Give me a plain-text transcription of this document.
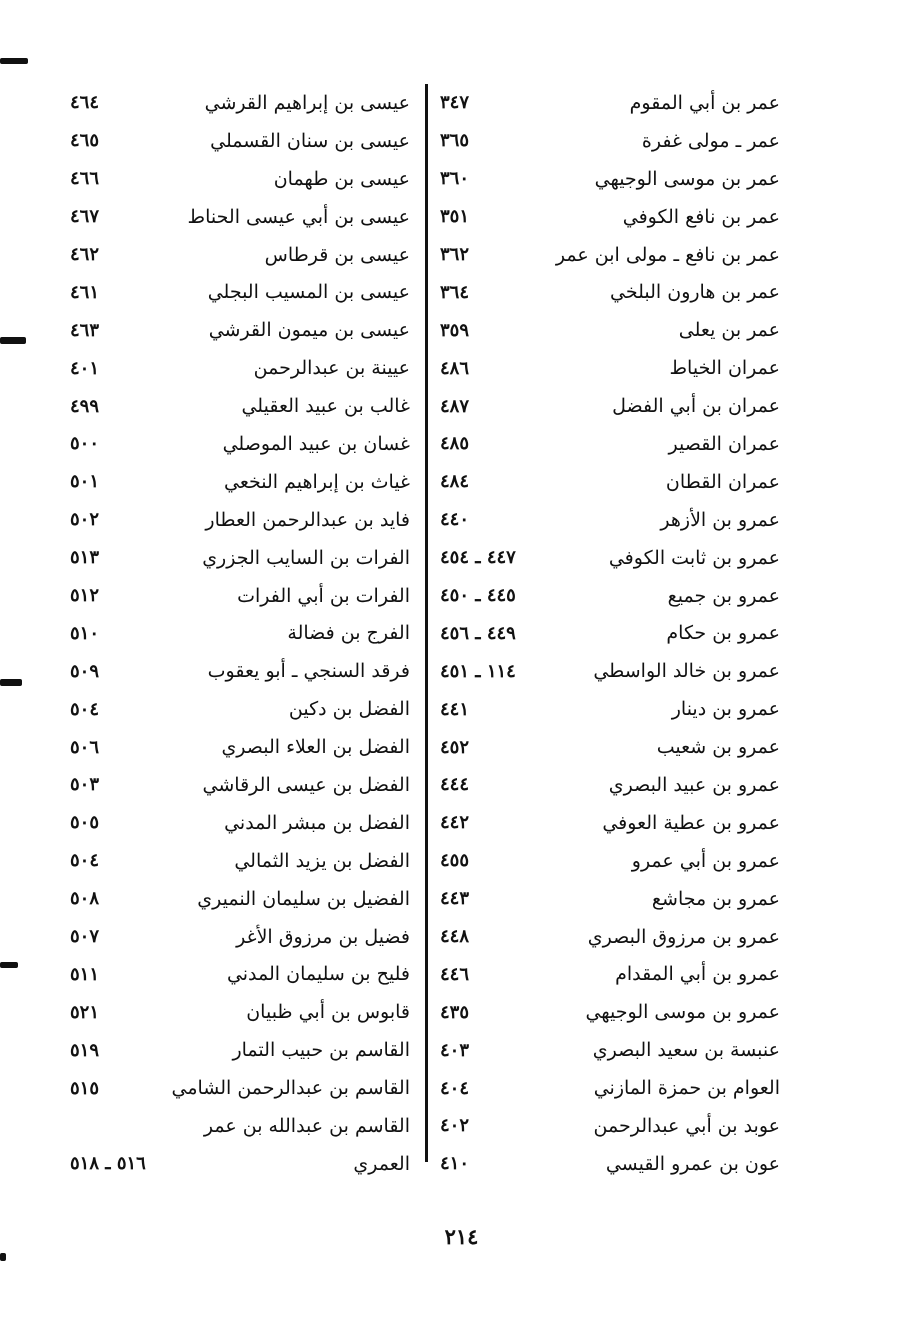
عمر بن أبي المقوم
٣٤٧
عمر ـ مولى غفرة
٣٦٥
عمر بن موسى الوجيهي
٣٦٠
عمر بن نافع الكوفي
٣٥١
عمر بن نافع ـ مولى ابن عمر
٣٦٢
عمر بن هارون البلخي
٣٦٤
عمر بن يعلى
٣٥٩
عمران الخياط
٤٨٦
عمران بن أبي الفضل
٤٨٧
عمران القصير
٤٨٥
عمران القطان
٤٨٤
عمرو بن الأزهر
٤٤٠
عمرو بن ثابت الكوفي
٤٤٧ ـ ٤٥٤
عمرو بن جميع
٤٤٥ ـ ٤٥٠
عمرو بن حكام
٤٤٩ ـ ٤٥٦
عمرو بن خالد الواسطي
١١٤ ـ ٤٥١
عمرو بن دينار
٤٤١
عمرو بن شعيب
٤٥٢
عمرو بن عبيد البصري
٤٤٤
عمرو بن عطية العوفي
٤٤٢
عمرو بن أبي عمرو
٤٥٥
عمرو بن مجاشع
٤٤٣
عمرو بن مرزوق البصري
٤٤٨
عمرو بن أبي المقدام
٤٤٦
عمرو بن موسى الوجيهي
٤٣٥
عنبسة بن سعيد البصري
٤٠٣
العوام بن حمزة المازني
٤٠٤
عوبد بن أبي عبدالرحمن
٤٠٢
عون بن عمرو القيسي
٤١٠
عيسى بن إبراهيم القرشي
٤٦٤
عيسى بن سنان القسملي
٤٦٥
عيسى بن طهمان
٤٦٦
عيسى بن أبي عيسى الحناط
٤٦٧
عيسى بن قرطاس
٤٦٢
عيسى بن المسيب البجلي
٤٦١
عيسى بن ميمون القرشي
٤٦٣
عيينة بن عبدالرحمن
٤٠١
غالب بن عبيد العقيلي
٤٩٩
غسان بن عبيد الموصلي
٥٠٠
غياث بن إبراهيم النخعي
٥٠١
فايد بن عبدالرحمن العطار
٥٠٢
الفرات بن السايب الجزري
٥١٣
الفرات بن أبي الفرات
٥١٢
الفرج بن فضالة
٥١٠
فرقد السنجي ـ أبو يعقوب
٥٠٩
الفضل بن دكين
٥٠٤
الفضل بن العلاء البصري
٥٠٦
الفضل بن عيسى الرقاشي
٥٠٣
الفضل بن مبشر المدني
٥٠٥
الفضل بن يزيد الثمالي
٥٠٤
الفضيل بن سليمان النميري
٥٠٨
فضيل بن مرزوق الأغر
٥٠٧
فليح بن سليمان المدني
٥١١
قابوس بن أبي ظبيان
٥٢١
القاسم بن حبيب التمار
٥١٩
القاسم بن عبدالرحمن الشامي
٥١٥
القاسم بن عبدالله بن عمر
العمري
٥١٦ ـ ٥١٨
٢١٤
